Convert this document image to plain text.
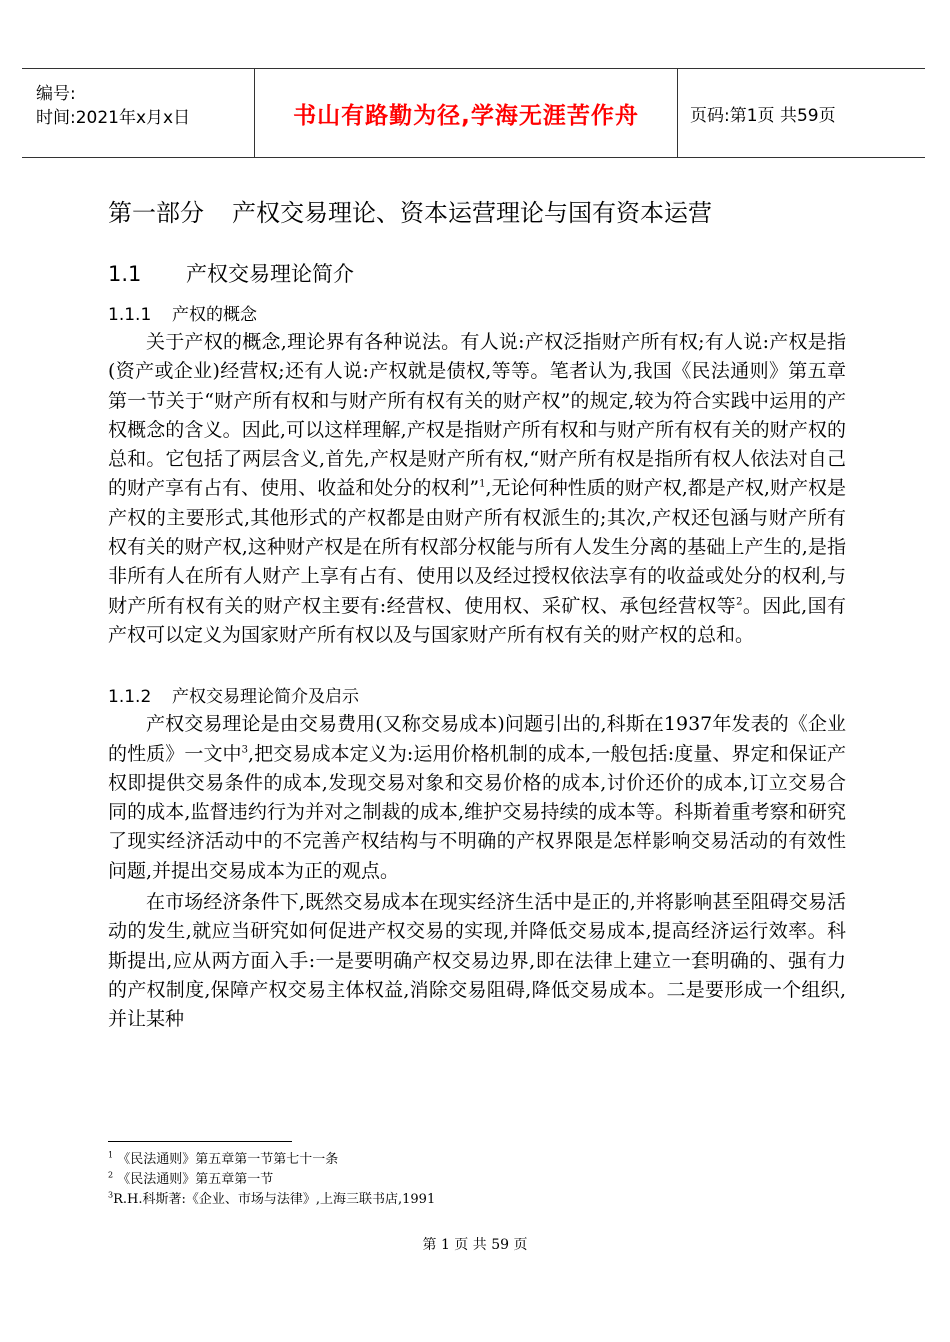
编号:
时间:2021年x月x日	书山有路勤为径,学海无涯苦作舟	页码:第1页 共59页
第一部分 产权交易理论、资本运营理论与国有资本运营
1.1 产权交易理论简介
1.1.1 产权的概念

关于产权的概念,理论界有各种说法。有人说:产权泛指财产所有权;有人说:产权是指(资产或企业)经营权;还有人说:产权就是债权,等等。笔者认为,我国《民法通则》第五章第一节关于“财产所有权和与财产所有权有关的财产权”的规定,较为符合实践中运用的产权概念的含义。因此,可以这样理解,产权是指财产所有权和与财产所有权有关的财产权的总和。它包括了两层含义,首先,产权是财产所有权,“财产所有权是指所有权人依法对自己的财产享有占有、使用、收益和处分的权利”$^1$,无论何种性质的财产权,都是产权,财产权是产权的主要形式,其他形式的产权都是由财产所有权派生的;其次,产权还包涵与财产所有权有关的财产权,这种财产权是在所有权部分权能与所有人发生分离的基础上产生的,是指非所有人在所有人财产上享有占有、使用以及经过授权依法享有的收益或处分的权利,与财产所有权有关的财产权主要有:经营权、使用权、采矿权、承包经营权等$^2$。因此,国有产权可以定义为国家财产所有权以及与国家财产所有权有关的财产权的总和。

1.1.2 产权交易理论简介及启示

产权交易理论是由交易费用(又称交易成本)问题引出的,科斯在1937年发表的《企业的性质》一文中$^3$,把交易成本定义为:运用价格机制的成本,一般包括:度量、界定和保证产权即提供交易条件的成本,发现交易对象和交易价格的成本,讨价还价的成本,订立交易合同的成本,监督违约行为并对之制裁的成本,维护交易持续的成本等。科斯着重考察和研究了现实经济活动中的不完善产权结构与不明确的产权界限是怎样影响交易活动的有效性问题,并提出交易成本为正的观点。

在市场经济条件下,既然交易成本在现实经济生活中是正的,并将影响甚至阻碍交易活动的发生,就应当研究如何促进产权交易的实现,并降低交易成本,提高经济运行效率。科斯提出,应从两方面入手:一是要明确产权交易边界,即在法律上建立一套明确的、强有力的产权制度,保障产权交易主体权益,消除交易阻碍,降低交易成本。二是要形成一个组织,并让某种

$^1$ 《民法通则》第五章第一节第七十一条
$^2$ 《民法通则》第五章第一节
$^3$R.H.科斯著:《企业、市场与法律》,上海三联书店,1991
第 1 页 共 59 页
